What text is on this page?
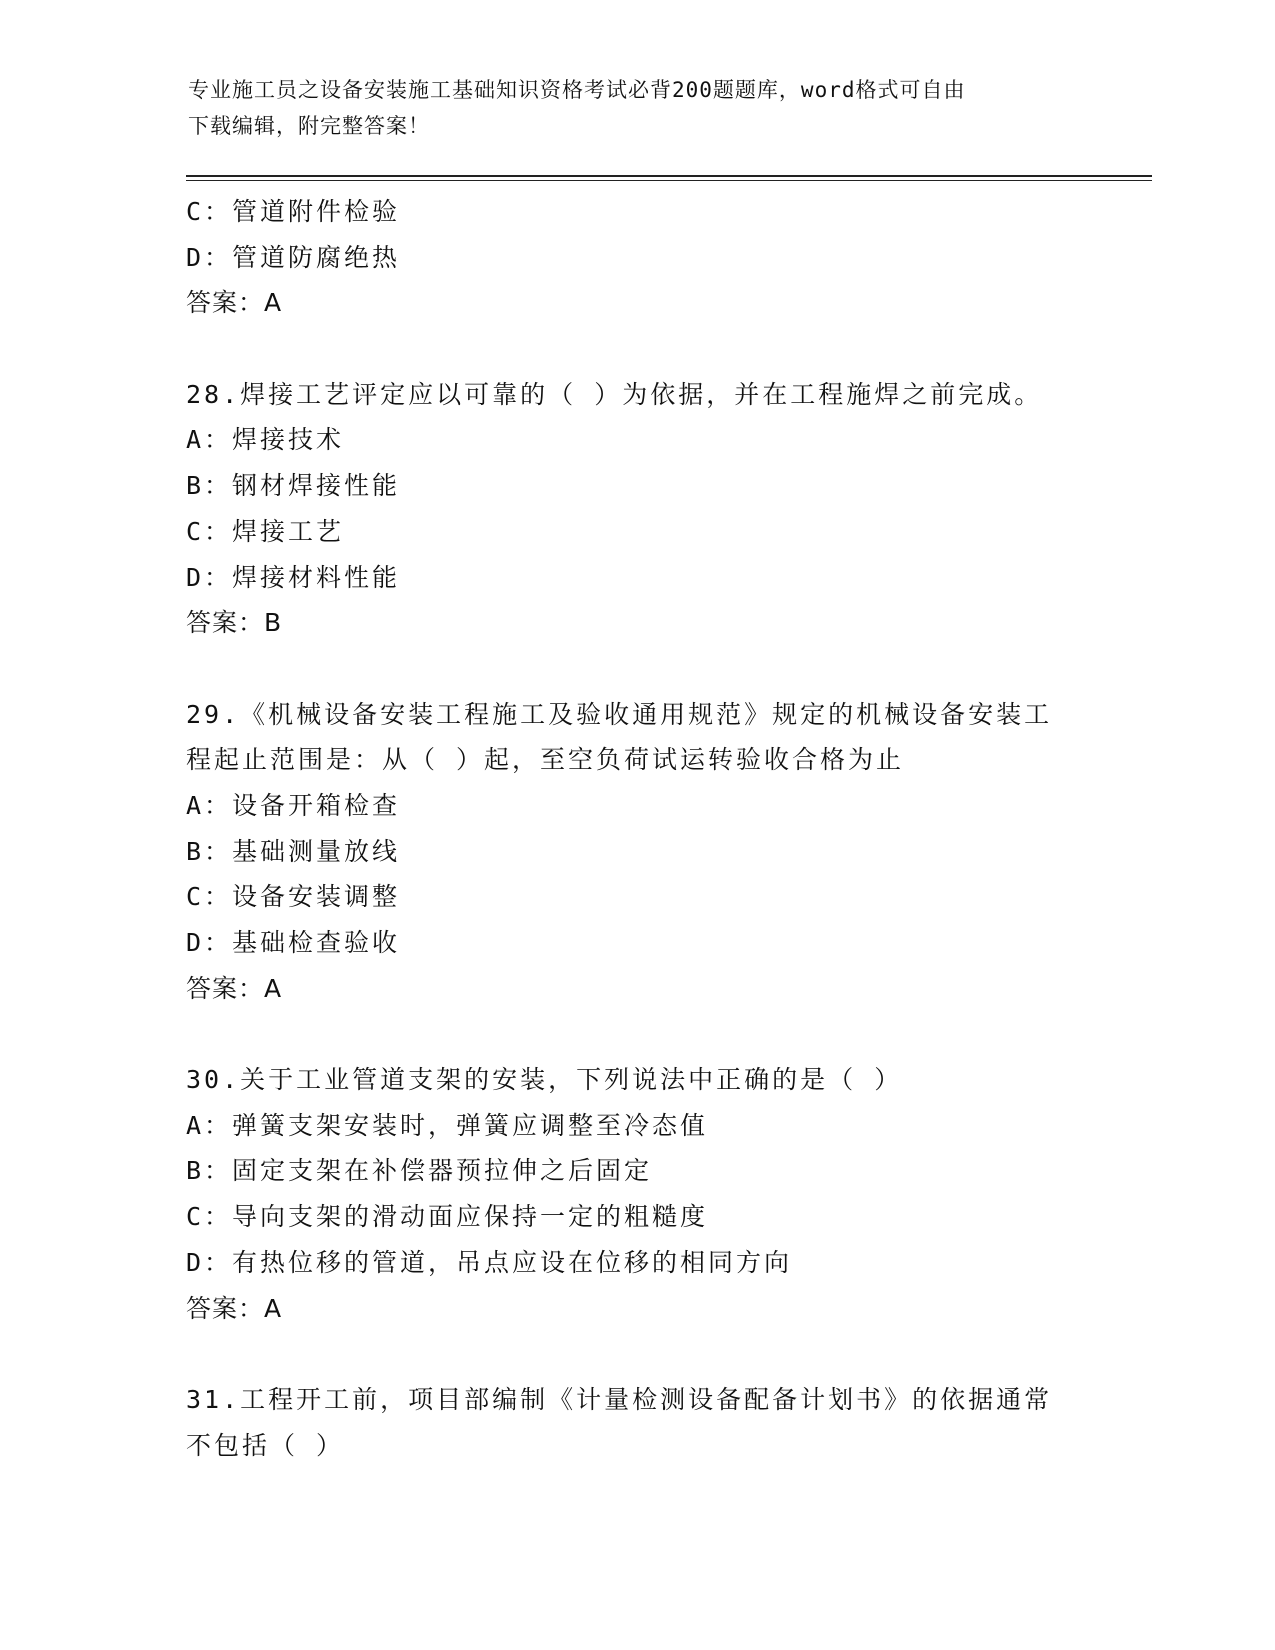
专业施工员之设备安装施工基础知识资格考试必背200题题库，word格式可自由
下载编辑，附完整答案！
C：管道附件检验
D：管道防腐绝热
答案：A
28.焊接工艺评定应以可靠的（ ）为依据，并在工程施焊之前完成。
A：焊接技术
B：钢材焊接性能
C：焊接工艺
D：焊接材料性能
答案：B
29.《机械设备安装工程施工及验收通用规范》规定的机械设备安装工
程起止范围是：从（ ）起，至空负荷试运转验收合格为止
A：设备开箱检查
B：基础测量放线
C：设备安装调整
D：基础检查验收
答案：A
30.关于工业管道支架的安装，下列说法中正确的是（ ）
A：弹簧支架安装时，弹簧应调整至冷态值
B：固定支架在补偿器预拉伸之后固定
C：导向支架的滑动面应保持一定的粗糙度
D：有热位移的管道，吊点应设在位移的相同方向
答案：A
31.工程开工前，项目部编制《计量检测设备配备计划书》的依据通常
不包括（ ）
